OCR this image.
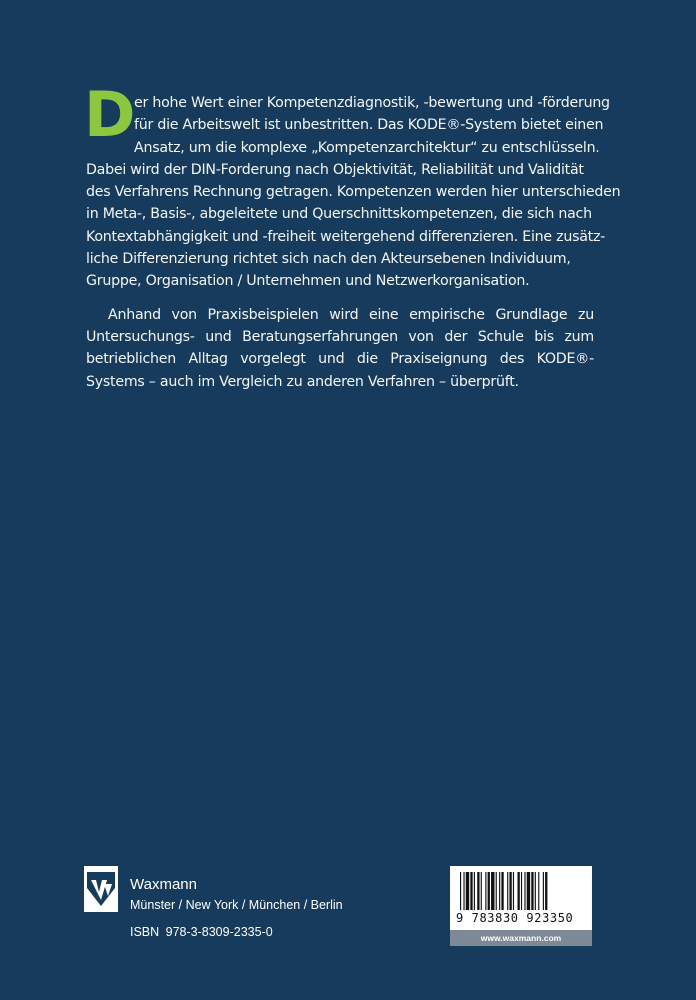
D

er hohe Wert einer Kompetenzdiagnostik, -bewertung und -förderung
für die Arbeitswelt ist unbestritten. Das KODE®-System bietet einen
Ansatz, um die komplexe „Kompetenzarchitektur“ zu entschlüsseln.
Dabei wird der DIN-Forderung nach Objektivität, Reliabilität und Validität
des Verfahrens Rechnung getragen. Kompetenzen werden hier unterschieden
in Meta-, Basis-, abgeleitete und Querschnittskompetenzen, die sich nach
Kontextabhängigkeit und -freiheit weitergehend differenzieren. Eine zusätz-
liche Differenzierung richtet sich nach den Akteursebenen Individuum,
Gruppe, Organisation / Unternehmen und Netzwerkorganisation.

Anhand von Praxisbeispielen wird eine empirische Grundlage zu Untersuchungs- und Beratungserfahrungen von der Schule bis zum betrieblichen Alltag vorgelegt und die Praxiseignung des KODE®-Systems – auch im Vergleich zu anderen Verfahren – überprüft.

Waxmann
Münster / New York / München / Berlin
ISBN 978-3-8309-2335-0
9 783830 923350
www.waxmann.com
